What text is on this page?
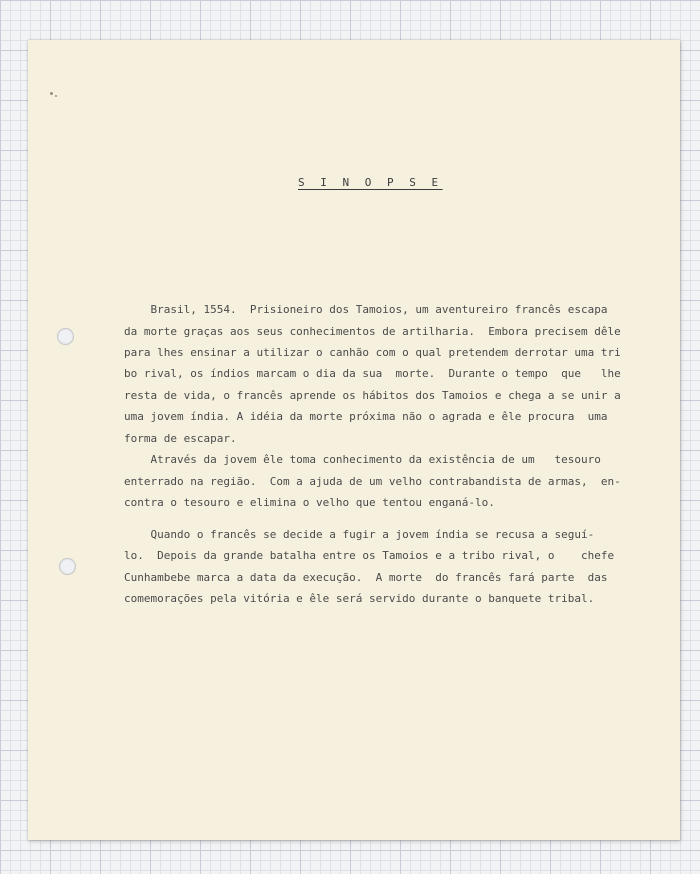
S I N O P S E
Brasil, 1554.  Prisioneiro dos Tamoios, um aventureiro francês escapa
da morte graças aos seus conhecimentos de artilharia.  Embora precisem dêle
para lhes ensinar a utilizar o canhão com o qual pretendem derrotar uma tri
bo rival, os índios marcam o dia da sua  morte.  Durante o tempo  que   lhe
resta de vida, o francês aprende os hábitos dos Tamoios e chega a se unir a
uma jovem índia. A idéia da morte próxima não o agrada e êle procura  uma
forma de escapar.
Através da jovem êle toma conhecimento da existência de um   tesouro
enterrado na região.  Com a ajuda de um velho contrabandista de armas,  en-
contra o tesouro e elimina o velho que tentou enganá-lo.
Quando o francês se decide a fugir a jovem índia se recusa a seguí-
lo.  Depois da grande batalha entre os Tamoios e a tribo rival, o    chefe
Cunhambebe marca a data da execução.  A morte  do francês fará parte  das
comemorações pela vitória e êle será servido durante o banquete tribal.
